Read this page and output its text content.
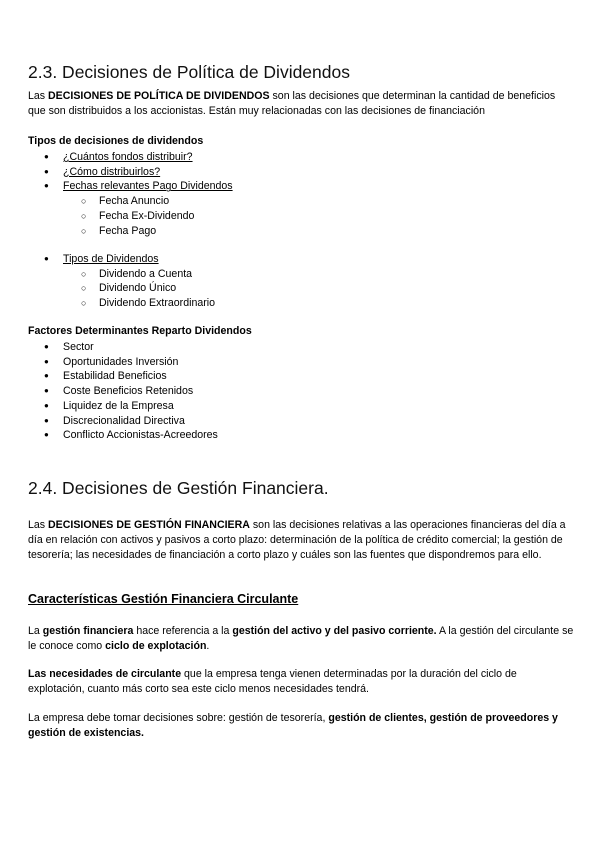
2.3. Decisiones de Política de Dividendos

Las DECISIONES DE POLÍTICA DE DIVIDENDOS son las decisiones que determinan la cantidad de beneficios que son distribuidos a los accionistas. Están muy relacionadas con las decisiones de financiación

Tipos de decisiones de dividendos

● ¿Cuántos fondos distribuir?
● ¿Cómo distribuirlos?
● Fechas relevantes Pago Dividendos
○ Fecha Anuncio
○ Fecha Ex-Dividendo
○ Fecha Pago
● Tipos de Dividendos
○ Dividendo a Cuenta
○ Dividendo Único
○ Dividendo Extraordinario

Factores Determinantes Reparto Dividendos

● Sector
● Oportunidades Inversión
● Estabilidad Beneficios
● Coste Beneficios Retenidos
● Liquidez de la Empresa
● Discrecionalidad Directiva
● Conflicto Accionistas-Acreedores
2.4. Decisiones de Gestión Financiera.

Las DECISIONES DE GESTIÓN FINANCIERA son las decisiones relativas a las operaciones financieras del día a día en relación con activos y pasivos a corto plazo: determinación de la política de crédito comercial; la gestión de tesorería; las necesidades de financiación a corto plazo y cuáles son las fuentes que dispondremos para ello.

Características Gestión Financiera Circulante

La gestión financiera hace referencia a la gestión del activo y del pasivo corriente. A la gestión del circulante se le conoce como ciclo de explotación.

Las necesidades de circulante que la empresa tenga vienen determinadas por la duración del ciclo de explotación, cuanto más corto sea este ciclo menos necesidades tendrá.

La empresa debe tomar decisiones sobre: gestión de tesorería, gestión de clientes, gestión de proveedores y gestión de existencias.
